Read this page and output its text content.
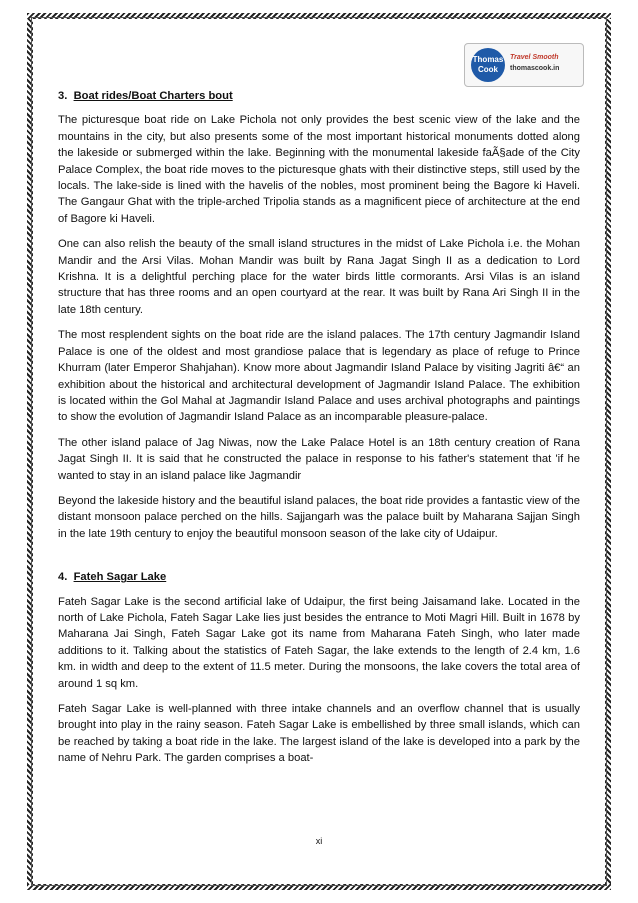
Thomas Cook
Travel Smooth
thomascook.in
3. Boat rides/Boat Charters bout

The picturesque boat ride on Lake Pichola not only provides the best scenic view of the lake and the mountains in the city, but also presents some of the most important historical monuments dotted along the lakeside or submerged within the lake. Beginning with the monumental lakeside faÃ§ade of the City Palace Complex, the boat ride moves to the picturesque ghats with their distinctive steps, still used by the locals. The lake-side is lined with the havelis of the nobles, most prominent being the Bagore ki Haveli. The Gangaur Ghat with the triple-arched Tripolia stands as a magnificent piece of architecture at the end of Bagore ki Haveli.

One can also relish the beauty of the small island structures in the midst of Lake Pichola i.e. the Mohan Mandir and the Arsi Vilas. Mohan Mandir was built by Rana Jagat Singh II as a dedication to Lord Krishna. It is a delightful perching place for the water birds little cormorants. Arsi Vilas is an island structure that has three rooms and an open courtyard at the rear. It was built by Rana Ari Singh II in the late 18th century.

The most resplendent sights on the boat ride are the island palaces. The 17th century Jagmandir Island Palace is one of the oldest and most grandiose palace that is legendary as place of refuge to Prince Khurram (later Emperor Shahjahan). Know more about Jagmandir Island Palace by visiting Jagriti â€“ an exhibition about the historical and architectural development of Jagmandir Island Palace. The exhibition is located within the Gol Mahal at Jagmandir Island Palace and uses archival photographs and paintings to show the evolution of Jagmandir Island Palace as an incomparable pleasure-palace.

The other island palace of Jag Niwas, now the Lake Palace Hotel is an 18th century creation of Rana Jagat Singh II. It is said that he constructed the palace in response to his father's statement that 'if he wanted to stay in an island palace like Jagmandir

Beyond the lakeside history and the beautiful island palaces, the boat ride provides a fantastic view of the distant monsoon palace perched on the hills. Sajjangarh was the palace built by Maharana Sajjan Singh in the late 19th century to enjoy the beautiful monsoon season of the lake city of Udaipur.

4. Fateh Sagar Lake

Fateh Sagar Lake is the second artificial lake of Udaipur, the first being Jaisamand lake. Located in the north of Lake Pichola, Fateh Sagar Lake lies just besides the entrance to Moti Magri Hill. Built in 1678 by Maharana Jai Singh, Fateh Sagar Lake got its name from Maharana Fateh Singh, who later made additions to it. Talking about the statistics of Fateh Sagar, the lake extends to the length of 2.4 km, 1.6 km. in width and deep to the extent of 11.5 meter. During the monsoons, the lake covers the total area of around 1 sq km.

Fateh Sagar Lake is well-planned with three intake channels and an overflow channel that is usually brought into play in the rainy season. Fateh Sagar Lake is embellished by three small islands, which can be reached by taking a boat ride in the lake. The largest island of the lake is developed into a park by the name of Nehru Park. The garden comprises a boat-

xi
